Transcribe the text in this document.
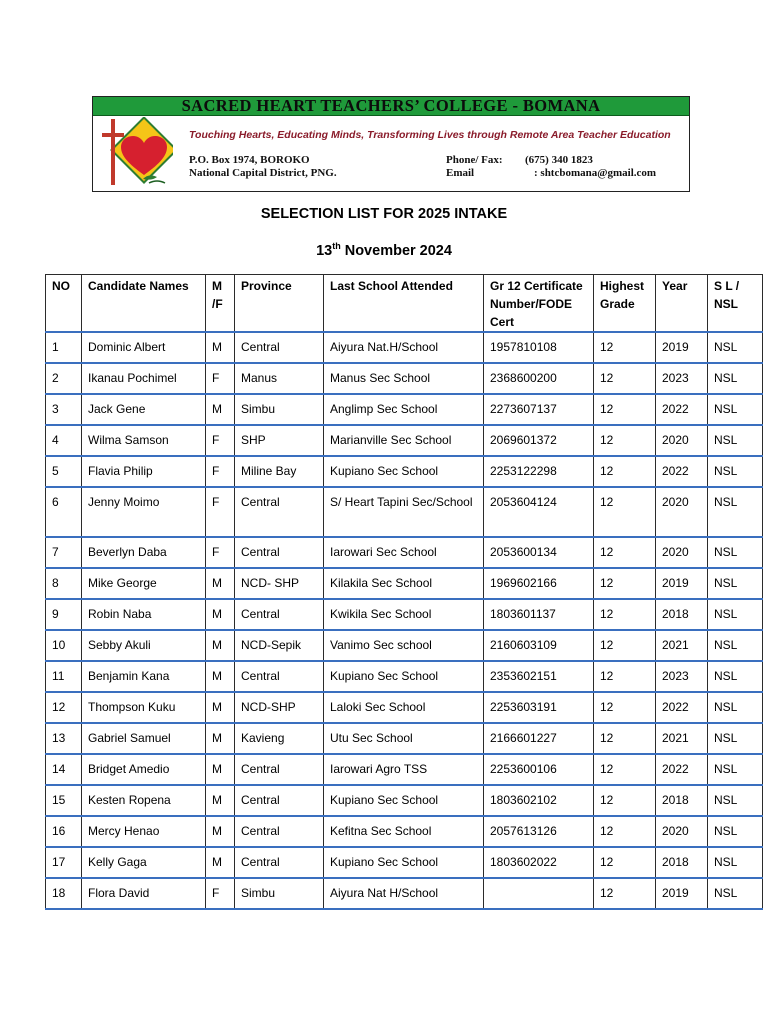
SACRED HEART TEACHERS’ COLLEGE - BOMANA
Touching Hearts, Educating Minds, Transforming Lives through Remote Area Teacher Education
P.O. Box 1974, BOROKO
National Capital District, PNG.
Phone/ Fax: (675) 340 1823
Email	: shtcbomana@gmail.com
SELECTION LIST FOR 2025 INTAKE
13th November 2024
NO	Candidate Names	M /F	Province	Last School Attended	Gr 12 Certificate Number/FODE Cert	Highest Grade	Year	S L / NSL
1	Dominic Albert	M	Central	Aiyura Nat.H/School	1957810108	12	2019	NSL
2	Ikanau Pochimel	F	Manus	Manus Sec School	2368600200	12	2023	NSL
3	Jack Gene	M	Simbu	Anglimp Sec School	2273607137	12	2022	NSL
4	Wilma Samson	F	SHP	Marianville Sec School	2069601372	12	2020	NSL
5	Flavia Philip	F	Miline Bay	Kupiano Sec School	2253122298	12	2022	NSL
6	Jenny Moimo	F	Central	S/ Heart Tapini Sec/School	2053604124	12	2020	NSL
7	Beverlyn Daba	F	Central	Iarowari Sec School	2053600134	12	2020	NSL
8	Mike George	M	NCD- SHP	Kilakila Sec School	1969602166	12	2019	NSL
9	Robin Naba	M	Central	Kwikila Sec School	1803601137	12	2018	NSL
10	Sebby Akuli	M	NCD-Sepik	Vanimo Sec school	2160603109	12	2021	NSL
11	Benjamin Kana	M	Central	Kupiano Sec School	2353602151	12	2023	NSL
12	Thompson Kuku	M	NCD-SHP	Laloki Sec School	2253603191	12	2022	NSL
13	Gabriel Samuel	M	Kavieng	Utu Sec School	2166601227	12	2021	NSL
14	Bridget Amedio	M	Central	Iarowari Agro TSS	2253600106	12	2022	NSL
15	Kesten Ropena	M	Central	Kupiano Sec School	1803602102	12	2018	NSL
16	Mercy Henao	M	Central	Kefitna Sec School	2057613126	12	2020	NSL
17	Kelly Gaga	M	Central	Kupiano Sec School	1803602022	12	2018	NSL
18	Flora David	F	Simbu	Aiyura Nat H/School		12	2019	NSL
